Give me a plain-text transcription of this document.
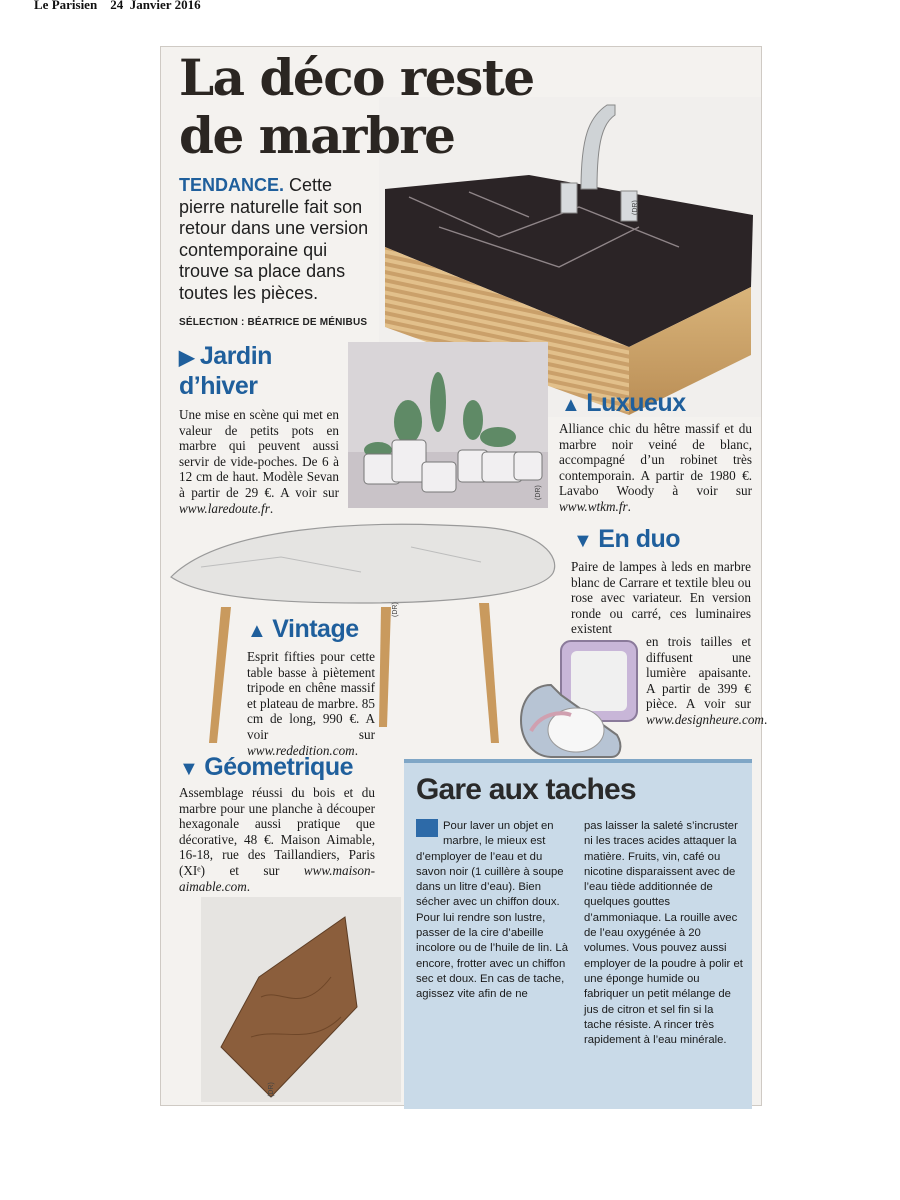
Le Parisien 24  Janvier 2016
(DR)
La déco reste
de marbre
TENDANCE. Cette pierre naturelle fait son retour dans une version contemporaine qui trouve sa place dans toutes les pièces.
SÉLECTION : BÉATRICE DE MÉNIBUS
▶ Jardin
d’hiver
Une mise en scène qui met en valeur de petits pots en marbre qui peuvent aussi servir de vide-poches. De 6 à 12 cm de haut. Modèle Sevan à partir de 29 €. A voir sur www.laredoute.fr.
(DR)
▲ Luxueux
Alliance chic du hêtre massif et du marbre noir veiné de blanc, accompagné d’un robinet très contemporain. A partir de 1980 €. Lavabo Woody à voir sur www.wtkm.fr.
(DR)
▼ En duo
Paire de lampes à leds en marbre blanc de Carrare et textile bleu ou rose avec variateur. En version ronde ou carré, ces luminaires existent
en trois tailles et diffusent une lumière apaisante. A partir de 399 € pièce. A voir sur www.designheure.com.
▲ Vintage
Esprit fifties pour cette table basse à piètement tripode en chêne massif et plateau de marbre. 85 cm de long, 990 €. A voir sur www.rededition.com.
▼ Géometrique
Assemblage réussi du bois et du marbre pour une planche à découper hexagonale aussi pratique que décorative, 48 €. Maison Aimable, 16-18, rue des Taillandiers, Paris (XIᵉ) et sur www.maison-aimable.com.
(DR)
Gare aux taches
Pour laver un objet en marbre, le mieux est d’employer de l’eau et du savon noir (1 cuillère à soupe dans un litre d’eau). Bien sécher avec un chiffon doux. Pour lui rendre son lustre, passer de la cire d’abeille incolore ou de l’huile de lin. Là encore, frotter avec un chiffon sec et doux. En cas de tache, agissez vite afin de ne
pas laisser la saleté s’incruster ni les traces acides attaquer la matière. Fruits, vin, café ou nicotine disparaissent avec de l’eau tiède additionnée de quelques gouttes d’ammoniaque. La rouille avec de l’eau oxygénée à 20 volumes. Vous pouvez aussi employer de la poudre à polir et une éponge humide ou fabriquer un petit mélange de jus de citron et sel fin si la tache résiste. A rincer très rapidement à l’eau minérale.
